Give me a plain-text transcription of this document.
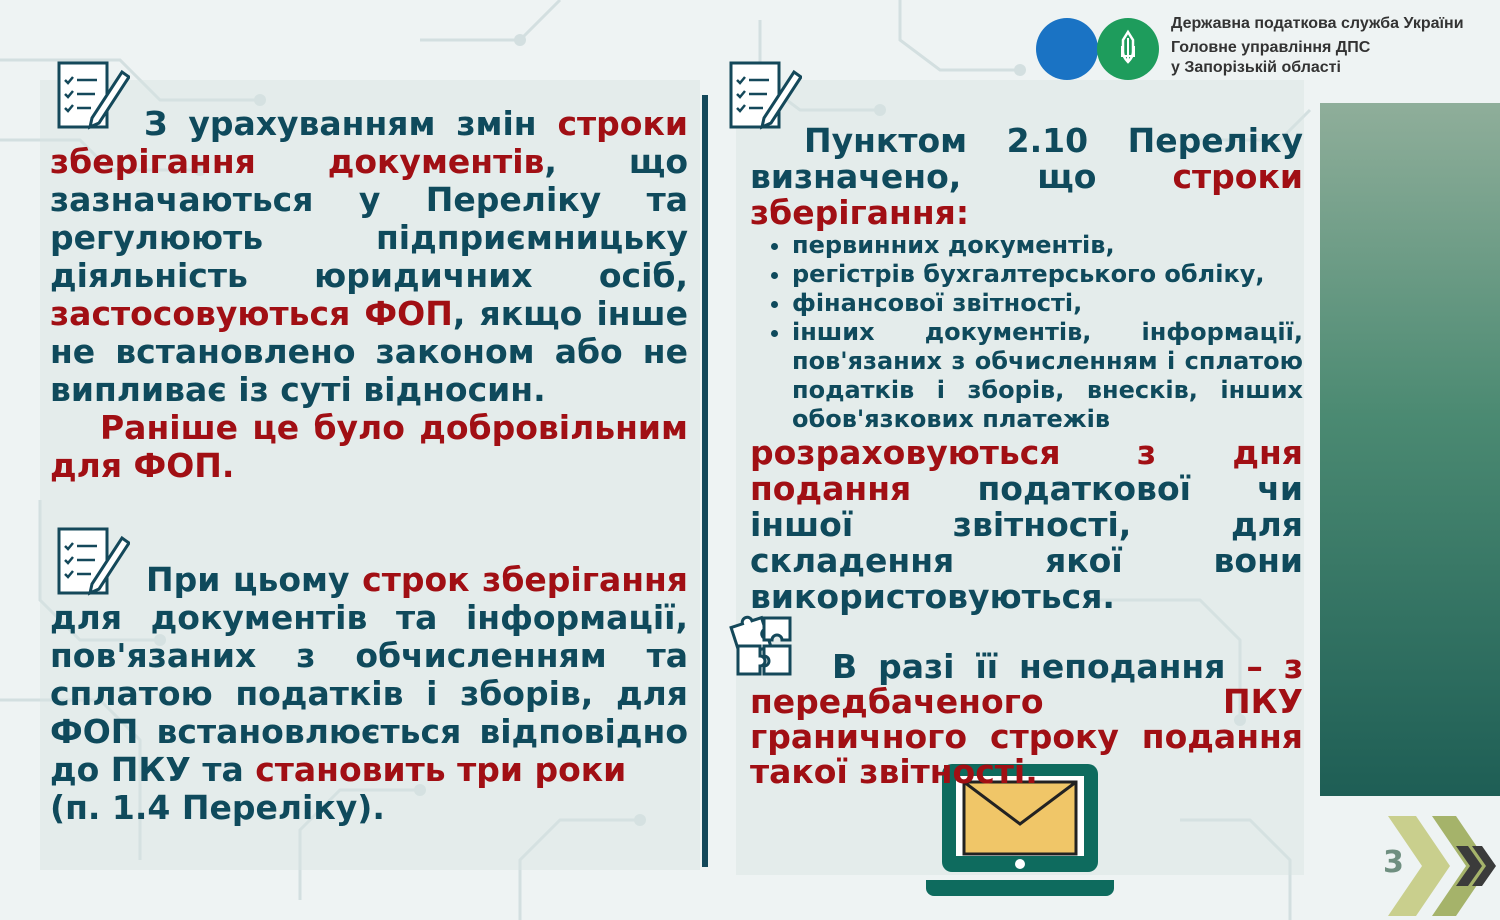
Державна податкова служба України
Головне управління ДПС
у Запорізькій області
З урахуванням змін строки зберігання документів, що зазначаються у Переліку та регулюють підприємницьку діяльність юридичних осіб, застосовуються ФОП, якщо інше не встановлено законом або не випливає із суті відносин.
Раніше це було добровільним для ФОП.
При цьому строк зберігання для документів та інформації, пов'язаних з обчисленням та сплатою податків і зборів, для ФОП встановлюється відповідно до ПКУ та становить три роки
(п. 1.4 Переліку).
Пунктом 2.10 Переліку визначено, що строки зберігання:
• первинних документів,
• регістрів бухгалтерського обліку,
• фінансової звітності,
• інших документів, інформації, пов'язаних з обчисленням і сплатою податків і зборів, внесків, інших обов'язкових платежів
розраховуються з дня подання податкової чи іншої звітності, для складення якої вони використовуються.
В разі її неподання – з передбаченого ПКУ граничного строку подання такої звітності.
3
